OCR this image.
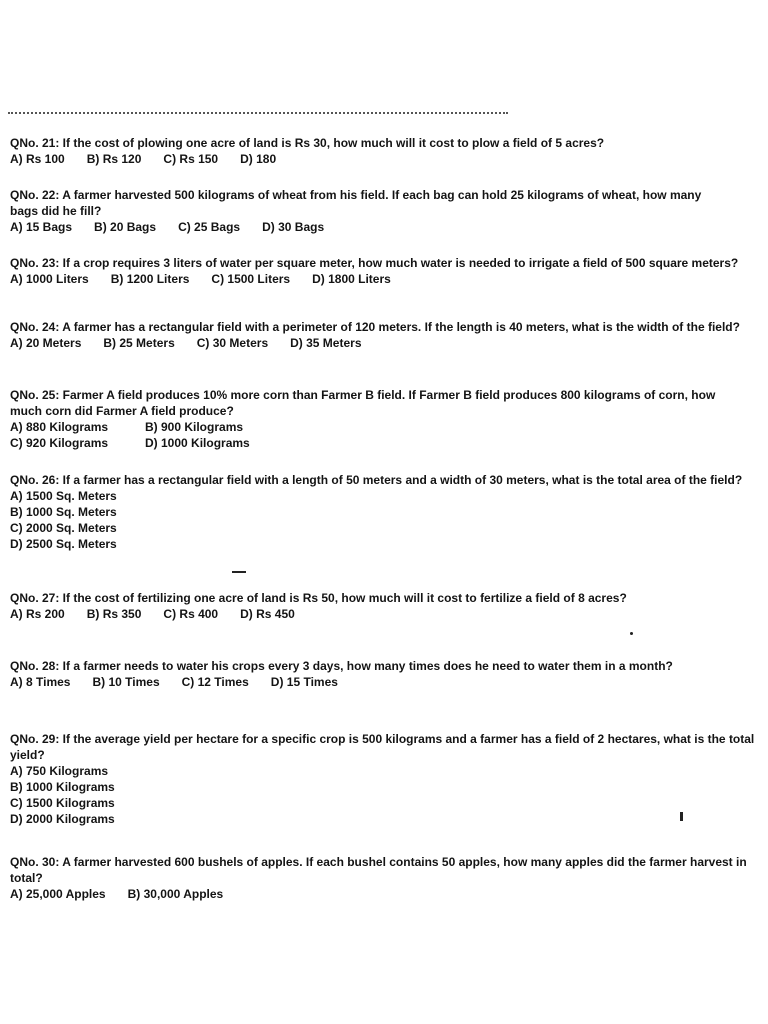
QNo. 21: If the cost of plowing one acre of land is Rs 30, how much will it cost to plow a field of 5 acres?
A) Rs 100 B) Rs 120 C) Rs 150 D) 180
QNo. 22: A farmer harvested 500 kilograms of wheat from his field. If each bag can hold 25 kilograms of wheat, how many bags did he fill?
A) 15 Bags B) 20 Bags C) 25 Bags D) 30 Bags
QNo. 23: If a crop requires 3 liters of water per square meter, how much water is needed to irrigate a field of 500 square meters?
A) 1000 Liters B) 1200 Liters C) 1500 Liters D) 1800 Liters
QNo. 24: A farmer has a rectangular field with a perimeter of 120 meters. If the length is 40 meters, what is the width of the field?
A) 20 Meters B) 25 Meters C) 30 Meters D) 35 Meters
QNo. 25: Farmer A field produces 10% more corn than Farmer B field. If Farmer B field produces 800 kilograms of corn, how much corn did Farmer A field produce?
A) 880 Kilograms	B) 900 Kilograms
C) 920 Kilograms	D) 1000 Kilograms
QNo. 26: If a farmer has a rectangular field with a length of 50 meters and a width of 30 meters, what is the total area of the field?
A) 1500 Sq. Meters
B) 1000 Sq. Meters
C) 2000 Sq. Meters
D) 2500 Sq. Meters
QNo. 27: If the cost of fertilizing one acre of land is Rs 50, how much will it cost to fertilize a field of 8 acres?
A) Rs 200 B) Rs 350 C) Rs 400 D) Rs 450
QNo. 28: If a farmer needs to water his crops every 3 days, how many times does he need to water them in a month?
A) 8 Times B) 10 Times C) 12 Times D) 15 Times
QNo. 29: If the average yield per hectare for a specific crop is 500 kilograms and a farmer has a field of 2 hectares, what is the total yield?
A) 750 Kilograms
B) 1000 Kilograms
C) 1500 Kilograms
D) 2000 Kilograms
QNo. 30: A farmer harvested 600 bushels of apples. If each bushel contains 50 apples, how many apples did the farmer harvest in total?
A) 25,000 Apples B) 30,000 Apples
